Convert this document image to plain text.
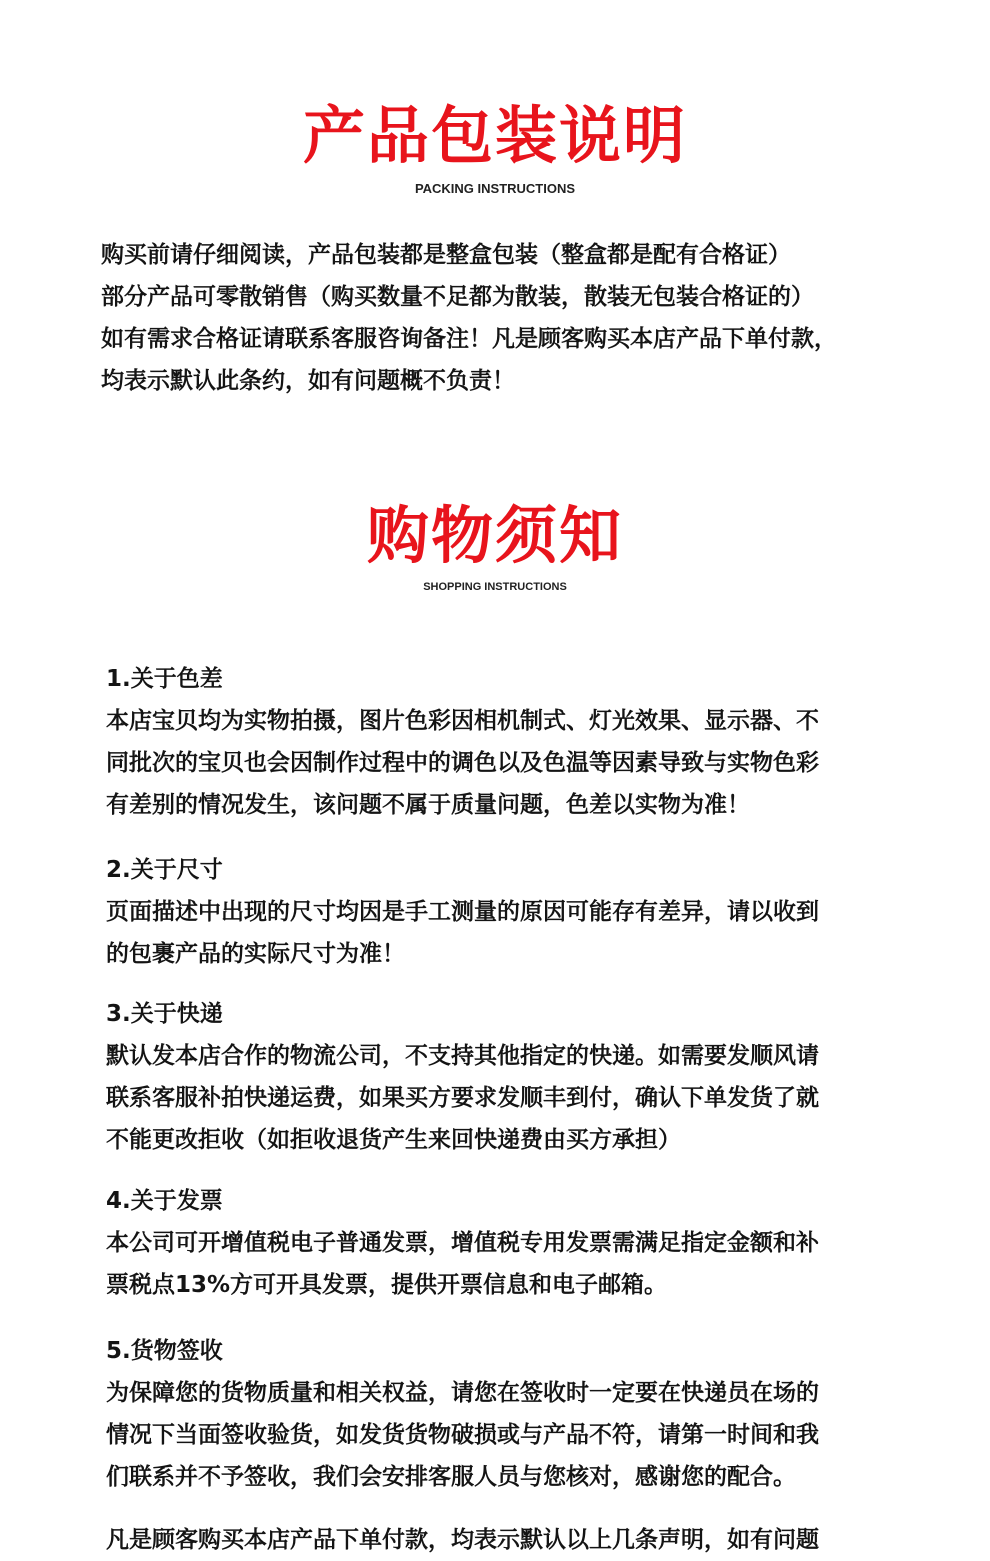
产品包装说明
PACKING INSTRUCTIONS

购买前请仔细阅读，产品包装都是整盒包装（整盒都是配有合格证）

部分产品可零散销售（购买数量不足都为散装，散装无包装合格证的）

如有需求合格证请联系客服咨询备注！凡是顾客购买本店产品下单付款，

均表示默认此条约，如有问题概不负责！

购物须知
SHOPPING INSTRUCTIONS
1.关于色差

本店宝贝均为实物拍摄，图片色彩因相机制式、灯光效果、显示器、不
同批次的宝贝也会因制作过程中的调色以及色温等因素导致与实物色彩
有差别的情况发生，该问题不属于质量问题，色差以实物为准！

2.关于尺寸

页面描述中出现的尺寸均因是手工测量的原因可能存有差异，请以收到
的包裹产品的实际尺寸为准！

3.关于快递

默认发本店合作的物流公司，不支持其他指定的快递。如需要发顺风请
联系客服补拍快递运费，如果买方要求发顺丰到付，确认下单发货了就
不能更改拒收（如拒收退货产生来回快递费由买方承担）

4.关于发票

本公司可开增值税电子普通发票，增值税专用发票需满足指定金额和补
票税点13%方可开具发票，提供开票信息和电子邮箱。

5.货物签收

为保障您的货物质量和相关权益，请您在签收时一定要在快递员在场的
情况下当面签收验货，如发货货物破损或与产品不符，请第一时间和我
们联系并不予签收，我们会安排客服人员与您核对，感谢您的配合。

凡是顾客购买本店产品下单付款，均表示默认以上几条声明，如有问题
